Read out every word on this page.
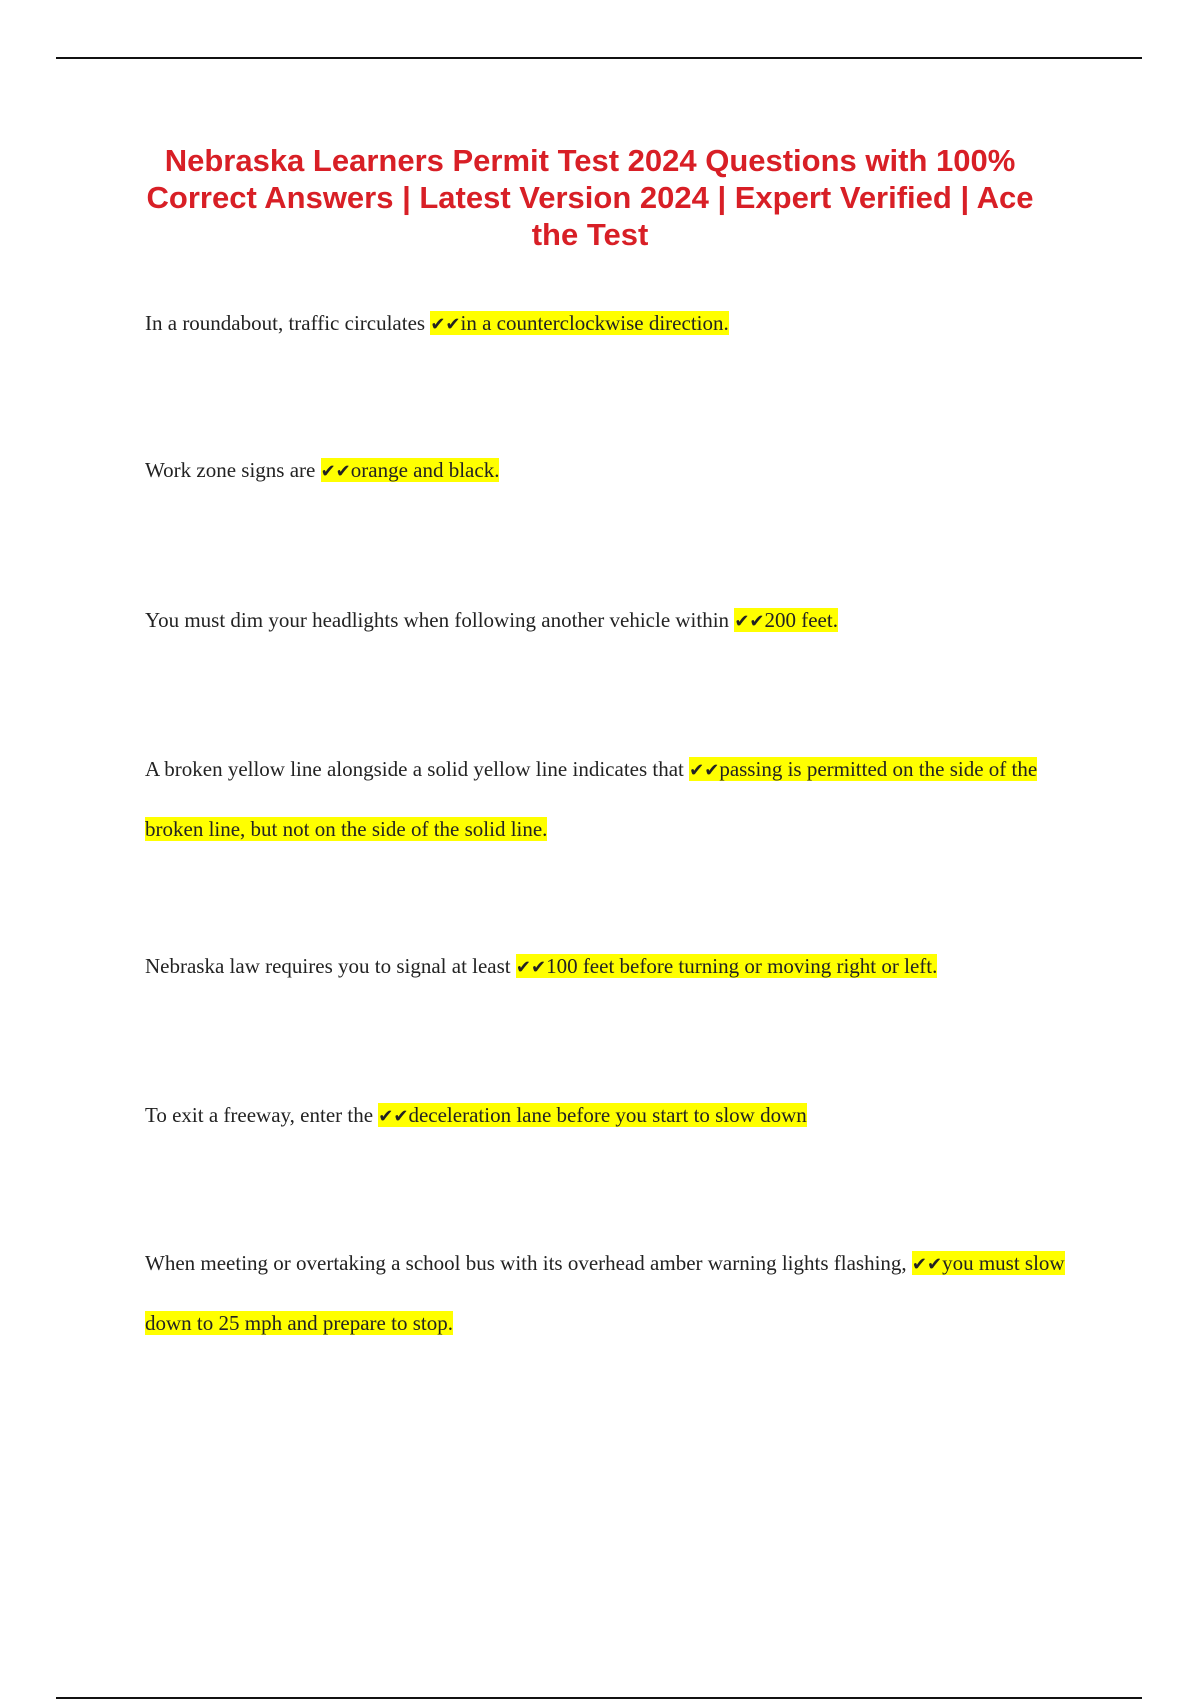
Nebraska Learners Permit Test 2024 Questions with 100% Correct Answers | Latest Version 2024 | Expert Verified | Ace the Test

In a roundabout, traffic circulates ✔✔in a counterclockwise direction.

Work zone signs are ✔✔orange and black.

You must dim your headlights when following another vehicle within ✔✔200 feet.

A broken yellow line alongside a solid yellow line indicates that ✔✔passing is permitted on the side of the broken line, but not on the side of the solid line.

Nebraska law requires you to signal at least ✔✔100 feet before turning or moving right or left.

To exit a freeway, enter the ✔✔deceleration lane before you start to slow down

When meeting or overtaking a school bus with its overhead amber warning lights flashing, ✔✔you must slow down to 25 mph and prepare to stop.
